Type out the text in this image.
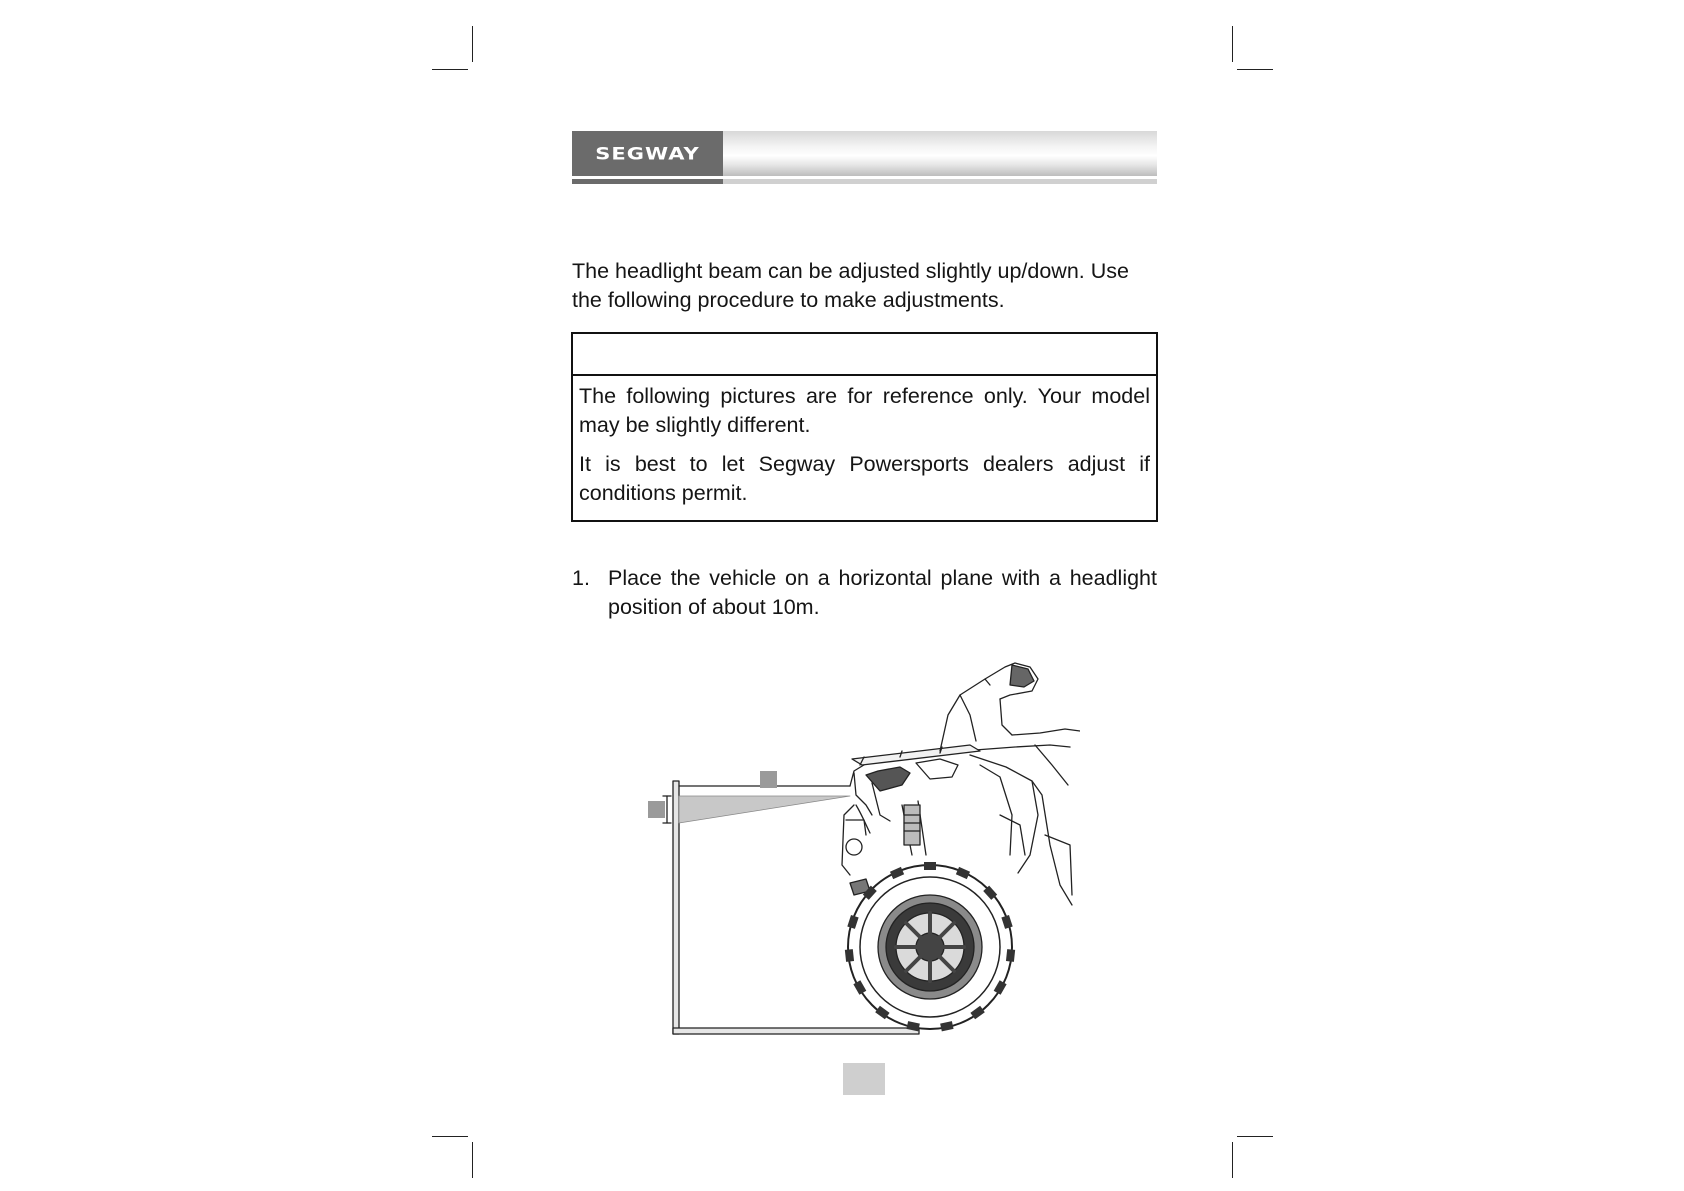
SEGWAY
The headlight beam can be adjusted slightly up/down. Use the following procedure to make adjustments.

The following pictures are for reference only. Your model may be slightly different.

It is best to let Segway Powersports dealers adjust if conditions permit.

1. Place the vehicle on a horizontal plane with a headlight position of about 10m.
